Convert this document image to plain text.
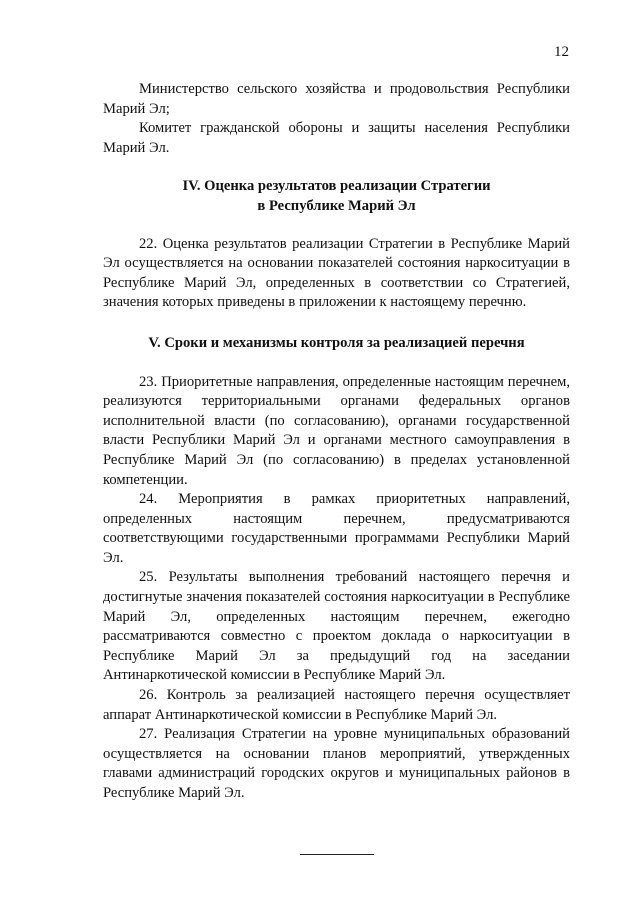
12

Министерство сельского хозяйства и продовольствия Республики Марий Эл;

Комитет гражданской обороны и защиты населения Республики Марий Эл.

IV. Оценка результатов реализации Стратегии
в Республике Марий Эл

22. Оценка результатов реализации Стратегии в Республике Марий Эл осуществляется на основании показателей состояния наркоситуации в Республике Марий Эл, определенных в соответствии со Стратегией, значения которых приведены в приложении к настоящему перечню.

V. Сроки и механизмы контроля за реализацией перечня

23. Приоритетные направления, определенные настоящим перечнем, реализуются территориальными органами федеральных органов исполнительной власти (по согласованию), органами государственной власти Республики Марий Эл и органами местного самоуправления в Республике Марий Эл (по согласованию) в пределах установленной компетенции.

24. Мероприятия в рамках приоритетных направлений, определенных настоящим перечнем, предусматриваются соответствующими государственными программами Республики Марий Эл.

25. Результаты выполнения требований настоящего перечня и достигнутые значения показателей состояния наркоситуации в Республике Марий Эл, определенных настоящим перечнем, ежегодно рассматриваются совместно с проектом доклада о наркоситуации в Республике Марий Эл за предыдущий год на заседании Антинаркотической комиссии в Республике Марий Эл.

26. Контроль за реализацией настоящего перечня осуществляет аппарат Антинаркотической комиссии в Республике Марий Эл.

27. Реализация Стратегии на уровне муниципальных образований осуществляется на основании планов мероприятий, утвержденных главами администраций городских округов и муниципальных районов в Республике Марий Эл.
